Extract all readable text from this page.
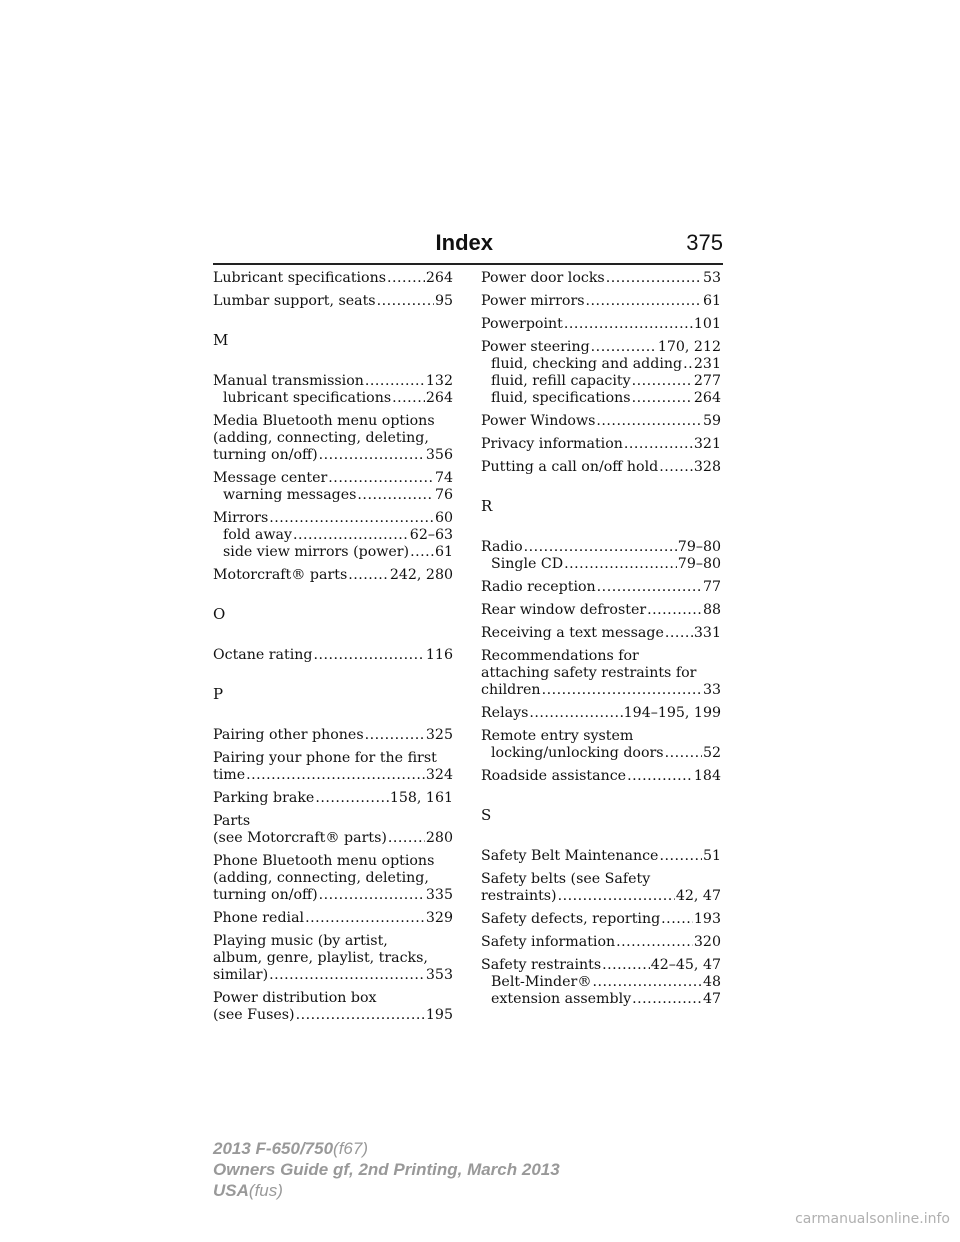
Index	375
Lubricant specifications .....	264
Lumbar support, seats .....	95
M
Manual transmission .....	132
lubricant specifications ..... 264
Media Bluetooth menu options
(adding, connecting, deleting,
turning on/off) .....	356
Message center .....	74
warning messages .....	76
Mirrors .....	60
fold away .....	62–63
side view mirrors (power) ..... 61
Motorcraft® parts .....	242, 280
O
Octane rating .....	116
P
Pairing other phones .....	325
Pairing your phone for the first
time .....	324
Parking brake .....	158, 161
Parts
(see Motorcraft® parts) .....	280
Phone Bluetooth menu options
(adding, connecting, deleting,
turning on/off) .....	335
Phone redial .....	329
Playing music (by artist,
album, genre, playlist, tracks,
similar) .....	353
Power distribution box
(see Fuses) .....	195
Power door locks .....	53
Power mirrors .....	61
Powerpoint .....	101
Power steering .....	170, 212
fluid, checking and adding ..... 231
fluid, refill capacity .....	277
fluid, specifications .....	264
Power Windows .....	59
Privacy information .....	321
Putting a call on/off hold .....	328
R
Radio .....	79–80
Single CD .....	79–80
Radio reception .....	77
Rear window defroster .....	88
Receiving a text message ..... 331
Recommendations for
attaching safety restraints for
children .....	33
Relays .....	194–195, 199
Remote entry system
locking/unlocking doors .....	52
Roadside assistance .....	184
S
Safety Belt Maintenance .....	51
Safety belts (see Safety
restraints) .....	42, 47
Safety defects, reporting ..... 193
Safety information .....	320
Safety restraints .....	42–45, 47
Belt-Minder® .....	48
extension assembly .....	47
2013 F-650/750(f67)
Owners Guide gf, 2nd Printing, March 2013
USA(fus)
carmanualsonline.info
